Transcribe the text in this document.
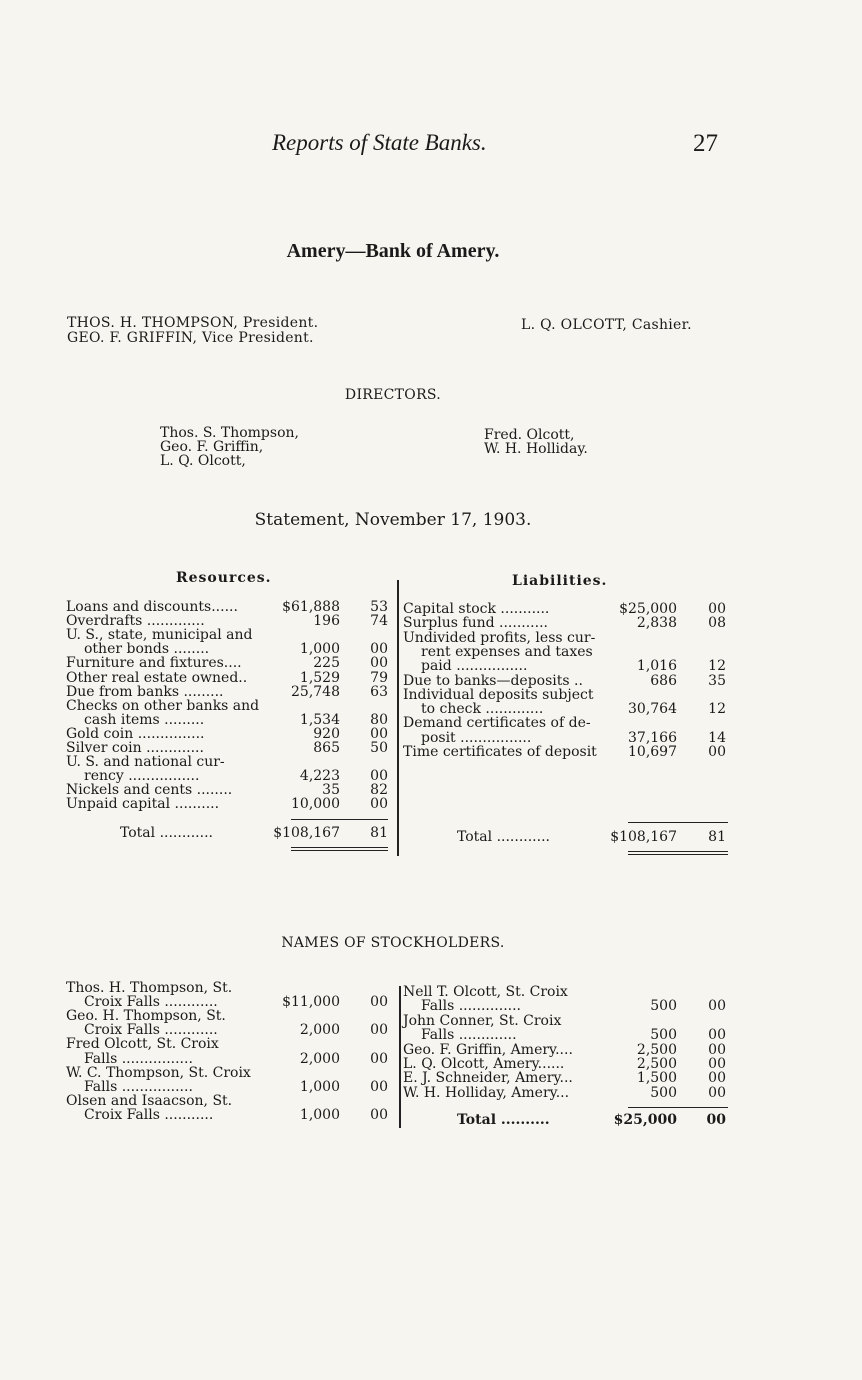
Reports of State Banks.	27
Amery—Bank of Amery.
THOS. H. THOMPSON, President.
GEO. F. GRIFFIN, Vice President.
L. Q. OLCOTT, Cashier.
DIRECTORS.
Thos. S. Thompson,
Geo. F. Griffin,
L. Q. Olcott,
Fred. Olcott,
W. H. Holliday.
Statement, November 17, 1903.
Resources.	Liabilities.
Loans and discounts......	$61,888	53
Overdrafts .............	196	74
U. S., state, municipal and
other bonds ........	1,000	00
Furniture and fixtures....	225	00
Other real estate owned..	1,529	79
Due from banks .........	25,748	63
Checks on other banks and
cash items .........	1,534	80
Gold coin ...............	920	00
Silver coin .............	865	50
U. S. and national cur-
rency ................	4,223	00
Nickels and cents ........	35	82
Unpaid capital ..........	10,000	00
Capital stock ...........	$25,000	00
Surplus fund ...........	2,838	08
Undivided profits, less cur-
rent expenses and taxes
paid ................	1,016	12
Due to banks—deposits ..	686	35
Individual deposits subject
to check .............	30,764	12
Demand certificates of de-
posit ................	37,166	14
Time certificates of deposit 10,697	00
Total ............	$108,167	81	Total ............	$108,167	81
NAMES OF STOCKHOLDERS.
Thos. H. Thompson, St.
Croix Falls ............	$11,000	00
Geo. H. Thompson, St.
Croix Falls ............	2,000	00
Fred Olcott, St. Croix
Falls ................	2,000	00
W. C. Thompson, St. Croix
Falls ................	1,000	00
Olsen and Isaacson, St.
Croix Falls ...........	1,000	00
Nell T. Olcott, St. Croix
Falls ..............	500	00
John Conner, St. Croix
Falls .............	500	00
Geo. F. Griffin, Amery....	2,500	00
L. Q. Olcott, Amery......	2,500	00
E. J. Schneider, Amery...	1,500	00
W. H. Holliday, Amery...	500	00
Total ..........	$25,000	00
